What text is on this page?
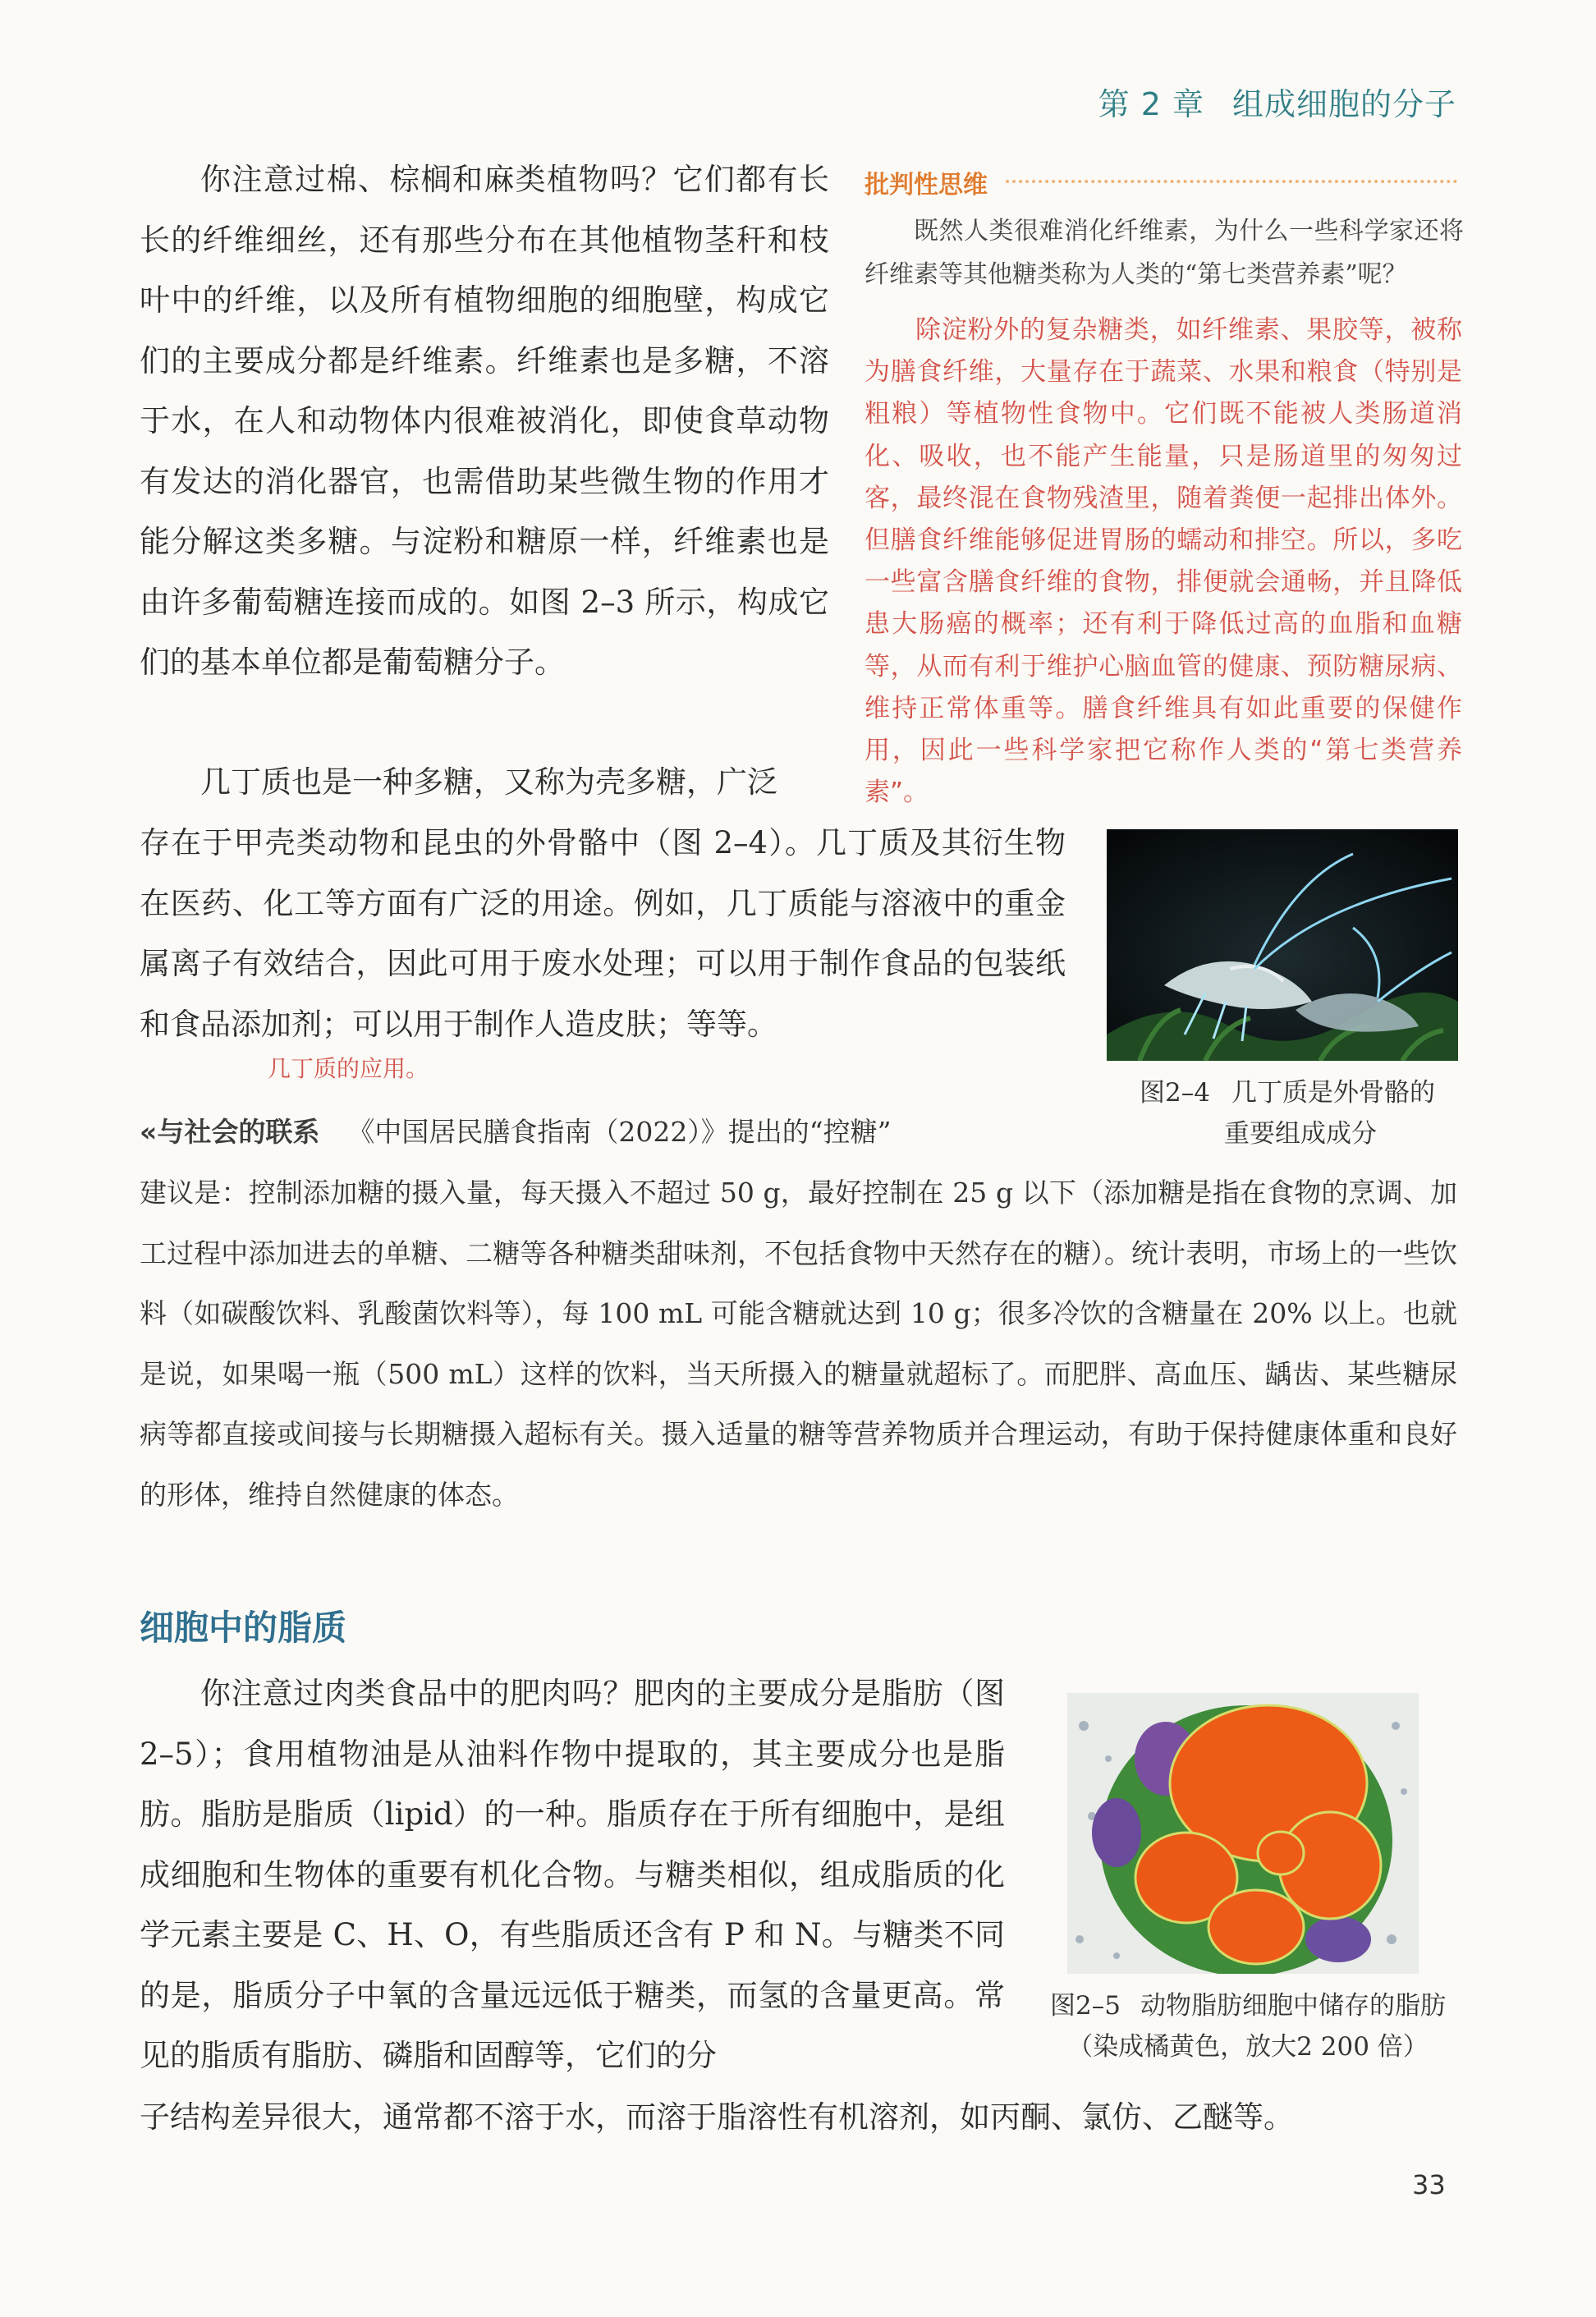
第 2 章 组成细胞的分子

你注意过棉、棕榈和麻类植物吗？它们都有长长的纤维细丝，还有那些分布在其他植物茎秆和枝叶中的纤维，以及所有植物细胞的细胞壁，构成它们的主要成分都是纤维素。纤维素也是多糖，不溶于水，在人和动物体内很难被消化，即使食草动物有发达的消化器官，也需借助某些微生物的作用才能分解这类多糖。与淀粉和糖原一样，纤维素也是由许多葡萄糖连接而成的。如图 2–3 所示，构成它们的基本单位都是葡萄糖分子。

几丁质也是一种多糖，又称为壳多糖，广泛

存在于甲壳类动物和昆虫的外骨骼中（图 2–4）。几丁质及其衍生物在医药、化工等方面有广泛的用途。例如，几丁质能与溶液中的重金属离子有效结合，因此可用于废水处理；可以用于制作食品的包装纸和食品添加剂；可以用于制作人造皮肤；等等。

几丁质的应用。
批判性思维

既然人类很难消化纤维素，为什么一些科学家还将纤维素等其他糖类称为人类的“第七类营养素”呢？

除淀粉外的复杂糖类，如纤维素、果胶等，被称为膳食纤维，大量存在于蔬菜、水果和粮食（特别是粗粮）等植物性食物中。它们既不能被人类肠道消化、吸收，也不能产生能量，只是肠道里的匆匆过客，最终混在食物残渣里，随着粪便一起排出体外。但膳食纤维能够促进胃肠的蠕动和排空。所以，多吃一些富含膳食纤维的食物，排便就会通畅，并且降低患大肠癌的概率；还有利于降低过高的血脂和血糖等，从而有利于维护心脑血管的健康、预防糖尿病、维持正常体重等。膳食纤维具有如此重要的保健作用，因此一些科学家把它称作人类的“第七类营养素”。

图2–4 几丁质是外骨骼的
重要组成成分
«与社会的联系 《中国居民膳食指南（2022）》提出的“控糖”

建议是：控制添加糖的摄入量，每天摄入不超过 50 g，最好控制在 25 g 以下（添加糖是指在食物的烹调、加工过程中添加进去的单糖、二糖等各种糖类甜味剂，不包括食物中天然存在的糖）。统计表明，市场上的一些饮料（如碳酸饮料、乳酸菌饮料等），每 100 mL 可能含糖就达到 10 g；很多冷饮的含糖量在 20% 以上。也就是说，如果喝一瓶（500 mL）这样的饮料，当天所摄入的糖量就超标了。而肥胖、高血压、龋齿、某些糖尿病等都直接或间接与长期糖摄入超标有关。摄入适量的糖等营养物质并合理运动，有助于保持健康体重和良好的形体，维持自然健康的体态。

细胞中的脂质

你注意过肉类食品中的肥肉吗？肥肉的主要成分是脂肪（图 2–5）；食用植物油是从油料作物中提取的，其主要成分也是脂肪。脂肪是脂质（lipid）的一种。脂质存在于所有细胞中，是组成细胞和生物体的重要有机化合物。与糖类相似，组成脂质的化学元素主要是 C、H、O，有些脂质还含有 P 和 N。与糖类不同的是，脂质分子中氧的含量远远低于糖类，而氢的含量更高。常见的脂质有脂肪、磷脂和固醇等，它们的分

子结构差异很大，通常都不溶于水，而溶于脂溶性有机溶剂，如丙酮、氯仿、乙醚等。

图2–5 动物脂肪细胞中储存的脂肪
（染成橘黄色，放大2 200 倍）
33
